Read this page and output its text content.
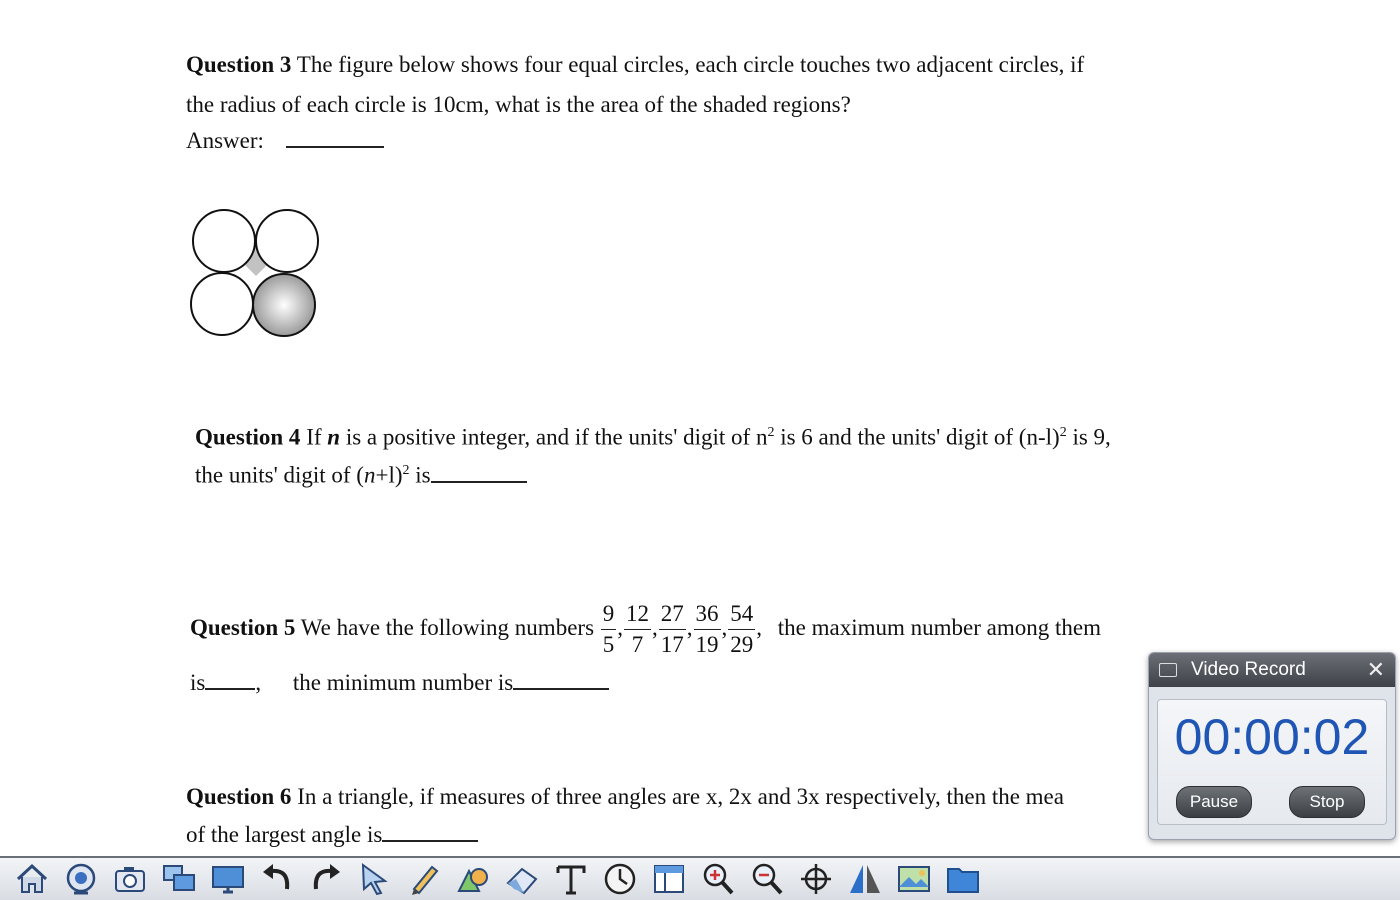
Question 3 The figure below shows four equal circles, each circle touches two adjacent circles, if
the radius of each circle is 10cm, what is the area of the shaded regions?
Answer:
Question 4 If n is a positive integer, and if the units' digit of $n^2$ is 6 and the units' digit of $(n-l)^2$ is 9,
the units' digit of $(n+l)^2$ is
Question 5 We have the following numbers $\frac{9}{5}$ , $\frac{12}{7}$ , $\frac{27}{17}$ , $\frac{36}{19}$ , $\frac{54}{29}$ , the maximum number among them
is , the minimum number is
Question 6 In a triangle, if measures of three angles are x, 2x and 3x respectively, then the mea
of the largest angle is
Video Record	✕
00:00:02
Pause	Stop
